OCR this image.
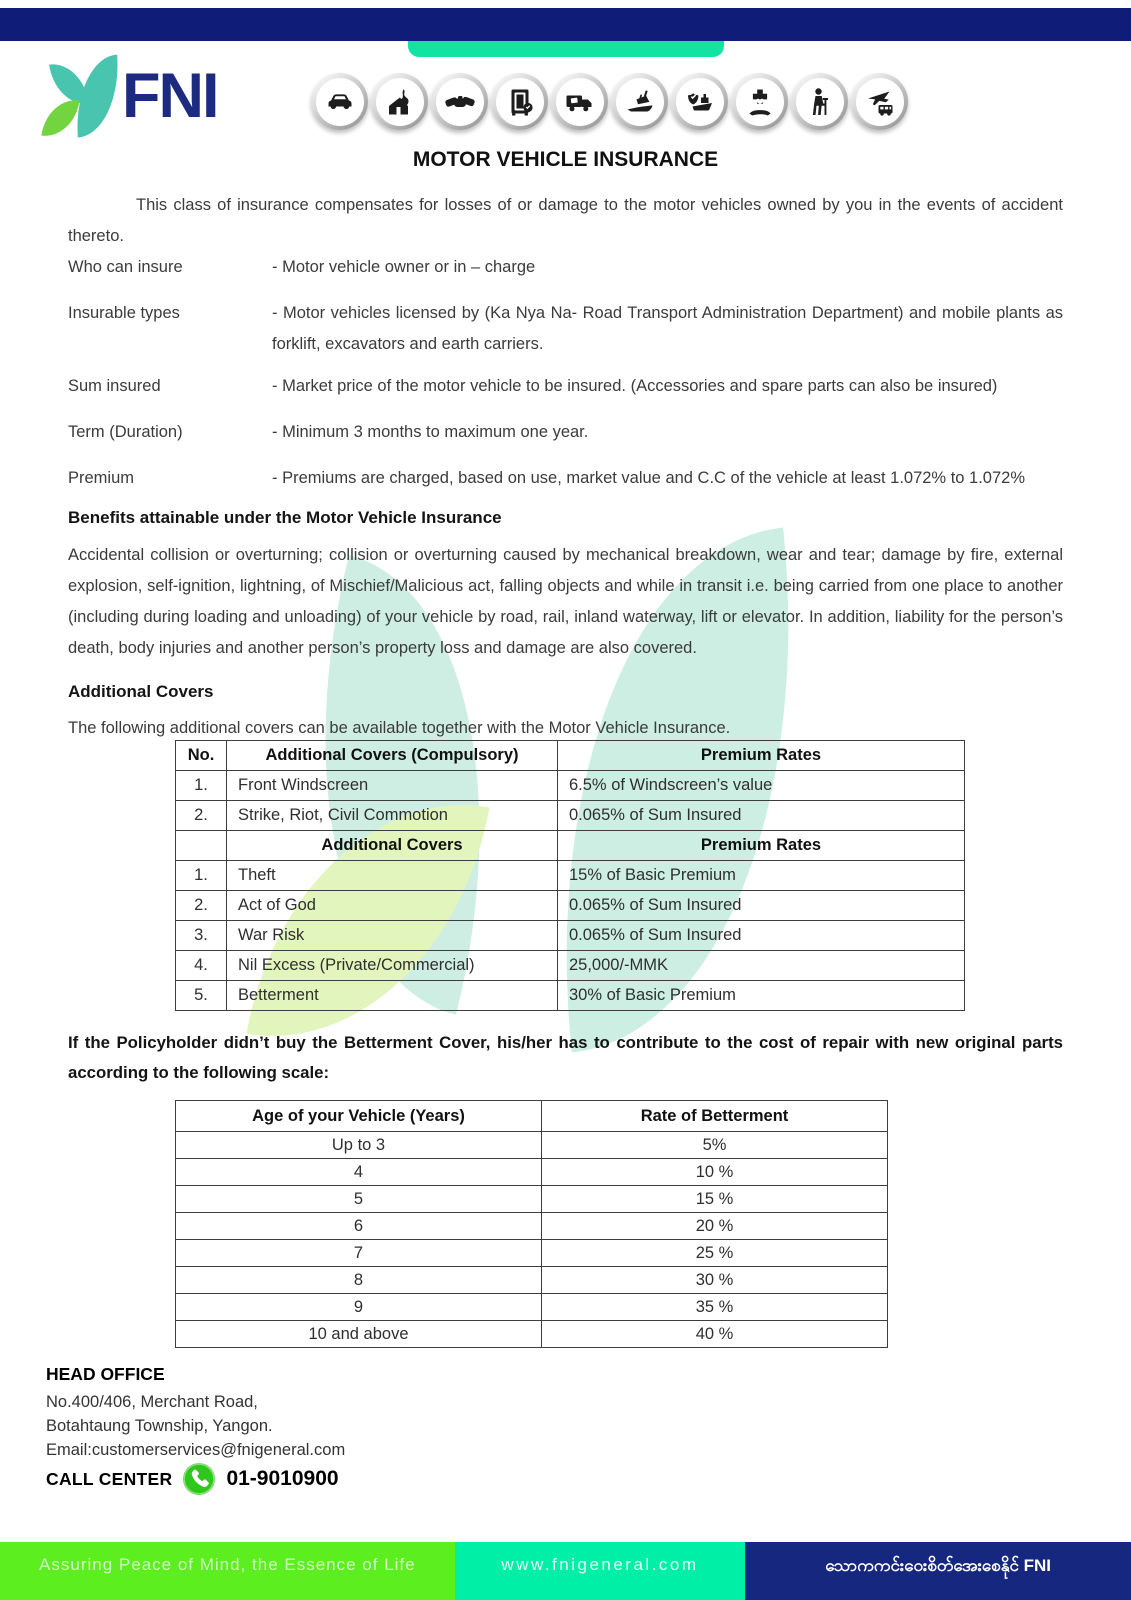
FNI
MOTOR VEHICLE INSURANCE
This class of insurance compensates for losses of or damage to the motor vehicles owned by you in the events of accident thereto.
Who can insure	- Motor vehicle owner or in – charge
Insurable types	- Motor vehicles licensed by (Ka Nya Na- Road Transport Administration Department) and mobile plants as forklift, excavators and earth carriers.
Sum insured	- Market price of the motor vehicle to be insured. (Accessories and spare parts can also be insured)
Term (Duration)	- Minimum 3 months to maximum one year.
Premium	- Premiums are charged, based on use, market value and C.C of the vehicle at least 1.072% to 1.072%
Benefits attainable under the Motor Vehicle Insurance
Accidental collision or overturning; collision or overturning caused by mechanical breakdown, wear and tear; damage by fire, external explosion, self-ignition, lightning, of Mischief/Malicious act, falling objects and while in transit i.e. being carried from one place to another (including during loading and unloading) of your vehicle by road, rail, inland waterway, lift or elevator. In addition, liability for the person’s death, body injuries and another person’s property loss and damage are also covered.
Additional Covers
The following additional covers can be available together with the Motor Vehicle Insurance.
No.	Additional Covers (Compulsory)	Premium Rates
1.	Front Windscreen	6.5% of Windscreen’s value
2.	Strike, Riot, Civil Commotion	0.065% of Sum Insured
	Additional Covers	Premium Rates
1.	Theft	15% of Basic Premium
2.	Act of God	0.065% of Sum Insured
3.	War Risk	0.065% of Sum Insured
4.	Nil Excess (Private/Commercial)	25,000/-MMK
5.	Betterment	30% of Basic Premium
If the Policyholder didn’t buy the Betterment Cover, his/her has to contribute to the cost of repair with new original parts according to the following scale:
Age of your Vehicle (Years)	Rate of Betterment
Up to 3	5%
4	10 %
5	15 %
6	20 %
7	25 %
8	30 %
9	35 %
10 and above	40 %
HEAD OFFICE
No.400/406, Merchant Road,
Botahtaung Township, Yangon.
Email:customerservices@fnigeneral.com
CALL CENTER	01-9010900
Assuring Peace of Mind, the Essence of Life	www.fnigeneral.com	သောကကင်းဝေးစိတ်အေးစေနိုင် FNI
